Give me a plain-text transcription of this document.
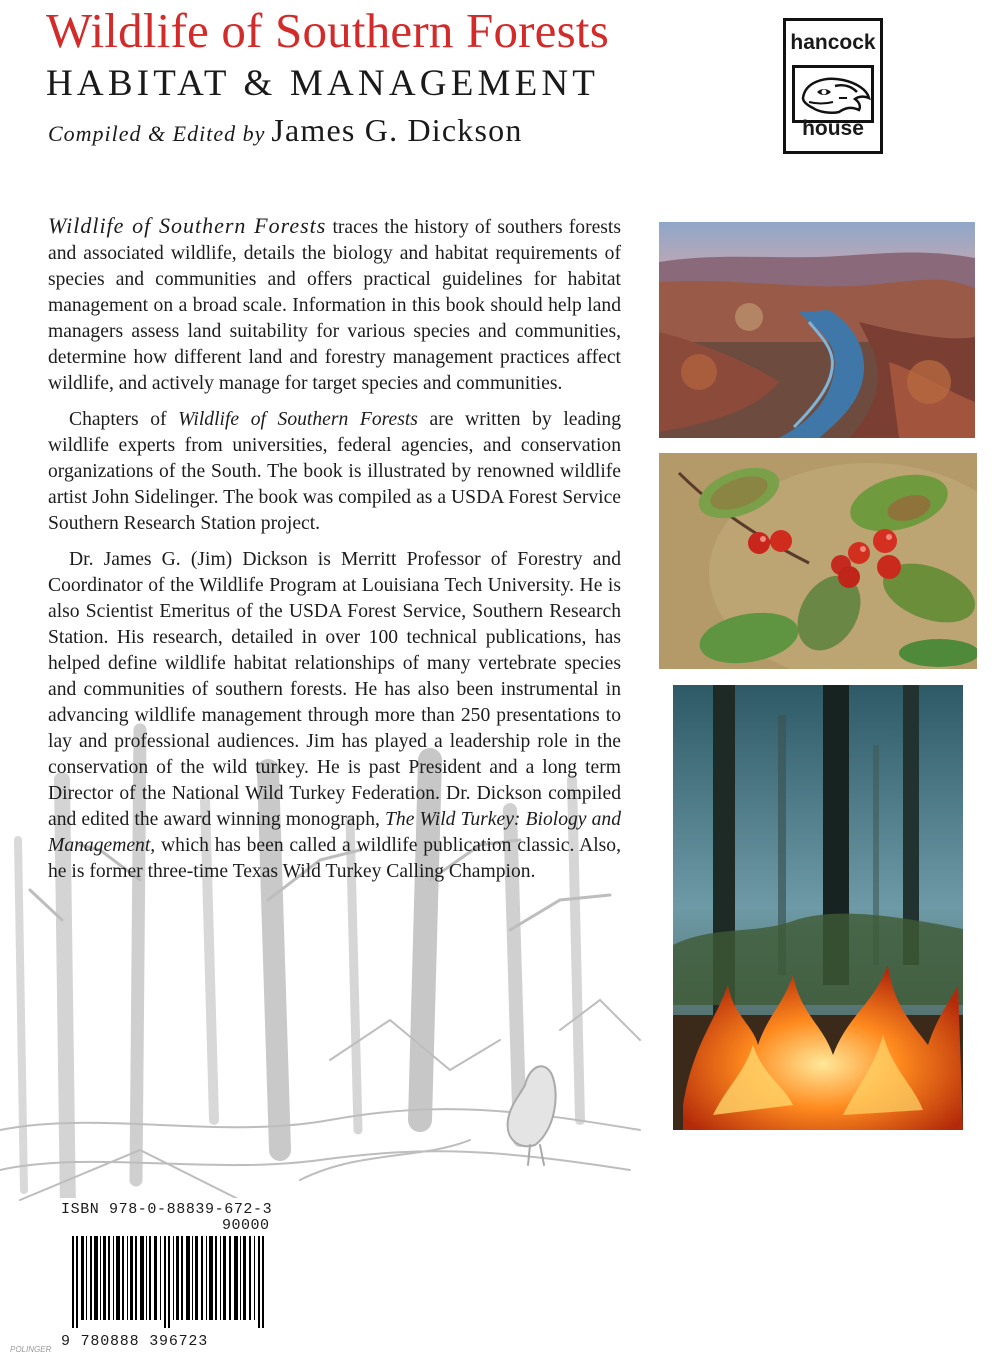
POLINGER
Wildlife of Southern Forests
HABITAT & MANAGEMENT
Compiled & Edited by James G. Dickson
hancock
house

Wildlife of Southern Forests traces the history of southers forests and associated wildlife, details the biology and habitat requirements of species and communities and offers practical guidelines for habitat management on a broad scale. Information in this book should help land managers assess land suitability for various species and communities, determine how different land and forestry management practices affect wildlife, and actively manage for target species and communities.

Chapters of Wildlife of Southern Forests are written by leading wildlife experts from universities, federal agencies, and conservation organizations of the South. The book is illustrated by renowned wildlife artist John Sidelinger. The book was compiled as a USDA Forest Service Southern Research Station project.

Dr. James G. (Jim) Dickson is Merritt Professor of Forestry and Coordinator of the Wildlife Program at Louisiana Tech University. He is also Scientist Emeritus of the USDA Forest Service, Southern Research Station. His research, detailed in over 100 technical publications, has helped define wildlife habitat relationships of many vertebrate species and communities of southern forests. He has also been instrumental in advancing wildlife management through more than 250 presentations to lay and professional audiences. Jim has played a leadership role in the conservation of the wild turkey. He is past President and a long term Director of the National Wild Turkey Federation. Dr. Dickson compiled and edited the award winning monograph, The Wild Turkey: Biology and Management, which has been called a wildlife publication classic. Also, he is former three-time Texas Wild Turkey Calling Champion.

ISBN 978-0-88839-672-3
90000
9 780888 396723
